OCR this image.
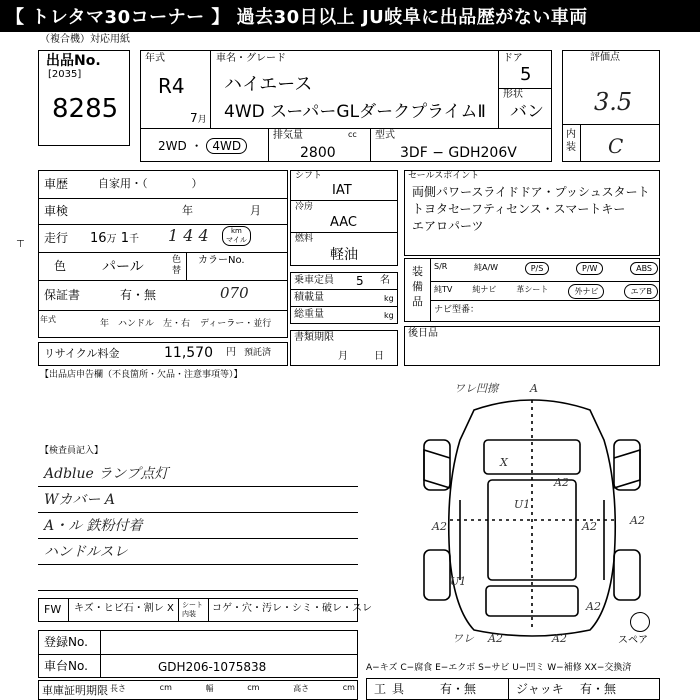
【 トレタマ30コーナー 】 過去30日以上 JU岐阜に出品歴がない車両
（複合機）対応用紙
出品No.
[2035]
8285
年式
R4
7月
車名・グレード
ハイエース
4WD スーパーGLダークプライムⅡ
ドア
5
形状
バン
2WD ・ 4WD
排気量	cc
2800
型式
3DF − GDH206V
評価点
3.5
内装 C
車歴	自家用・（　　　　）
車検	年	月
走行 16万 1千 1 4 4	km
マイル
色	パール	色替
カラーNo.
保証書	有・無	070
年式	年 ハンドル　左・右 ディーラー・並行
リサイクル料金	11,570 円 預託済
シフト
IAT
冷房
AAC
燃料
軽油
乗車定員 5 名
積載量	kg
総重量	kg
書類期限
月日
セールスポイント
両側パワースライドドア・プッシュスタート
トヨタセーフティセンス・スマートキー
エアロパーツ
装備品
S/R	純A/W	P/S	P/W	ABS
純TV	純ナビ	革シート	外ナビ	エアB
ナビ型番：
後日品
【出品店申告欄（不良箇所・欠品・注意事項等）】
【検査員記入】
Adblue ランプ点灯
Wカバー A
A・ル 鉄粉付着
ハンドルスレ
FW キズ・ヒビ石・割レ X シート内装	コゲ・穴・汚レ・シミ・破レ・スレ
登録No.
車台No.	GDH206-1075838
車庫証明期限 長さ	cm	幅	cm	高さ	cm
A−キズ C−腐食 E−エクボ S−サビ U−凹ミ W−補修 XX−交換済
工具 有・無	ジャッキ 有・無
ワレ凹擦	A
X
A2	A2
U1
U1
A2
ワレ A2	A2
A2
A2
スペア
⊤
